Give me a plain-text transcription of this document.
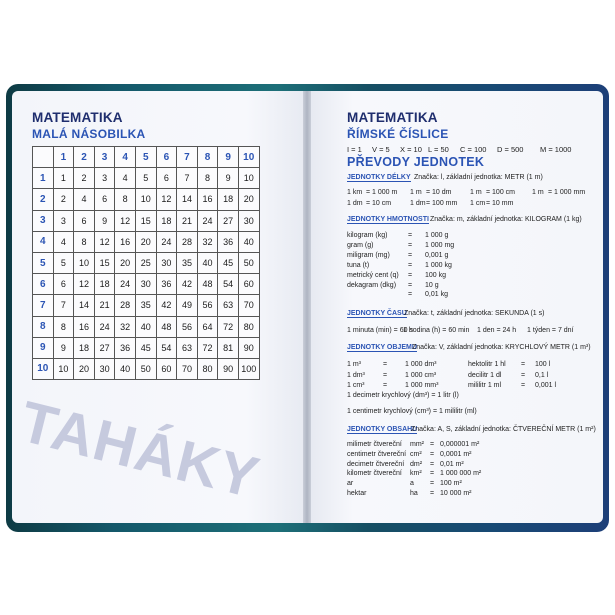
MATEMATIKA
MALÁ NÁSOBILKA
	1	2	3	4	5	6	7	8	9	10
1	1	2	3	4	5	6	7	8	9	10
2	2	4	6	8	10	12	14	16	18	20
3	3	6	9	12	15	18	21	24	27	30
4	4	8	12	16	20	24	28	32	36	40
5	5	10	15	20	25	30	35	40	45	50
6	6	12	18	24	30	36	42	48	54	60
7	7	14	21	28	35	42	49	56	63	70
8	8	16	24	32	40	48	56	64	72	80
9	9	18	27	36	45	54	63	72	81	90
10	10	20	30	40	50	60	70	80	90	100
TAHÁKY
MATEMATIKA
ŘÍMSKÉ ČÍSLICE
I = 1 V = 5 X = 10 L = 50 C = 100 D = 500 M = 1000
PŘEVODY JEDNOTEK
JEDNOTKY DÉLKY Značka: l, základní jednotka: METR (1 m)
1 km = 1 000 m 1 m = 10 dm	1 m = 100 cm 1 m = 1 000 mm
1 dm = 10 cm	1 dm = 100 mm 1 cm = 10 mm
JEDNOTKY HMOTNOSTI Značka: m, základní jednotka: KILOGRAM (1 kg)
kilogram (kg)	= 1 000 g
gram (g)	= 1 000 mg
miligram (mg)	= 0,001 g
tuna (t)	= 1 000 kg
metrický cent (q) = 100 kg
dekagram (dkg) = 10 g
= 0,01 kg
JEDNOTKY ČASU
Značka: t, základní jednotka: SEKUNDA (1 s)
1 minuta (min) = 60 s
1 hodina (h) = 60 min 1 den = 24 h 1 týden = 7 dní
JEDNOTKY OBJEMU
Značka: V, základní jednotka: KRYCHLOVÝ METR (1 m³)
1 m³	=	1 000 dm³	hektolitr 1 hl = 100 l
1 dm³	=	1 000 cm³	decilitr 1 dl	= 0,1 l
1 cm³	=	1 000 mm³	mililitr 1 ml	= 0,001 l
1 decimetr krychlový (dm³) = 1 litr (l)
1 centimetr krychlový (cm³) = 1 mililitr (ml)
JEDNOTKY OBSAHU
Značka: A, S, základní jednotka: ČTVEREČNÍ METR (1 m²)
milimetr čtvereční mm² = 0,000001 m²
centimetr čtvereční cm² = 0,0001 m²
decimetr čtvereční dm² = 0,01 m²
kilometr čtvereční km² = 1 000 000 m²
ar	a = 100 m²
hektar	ha = 10 000 m²
